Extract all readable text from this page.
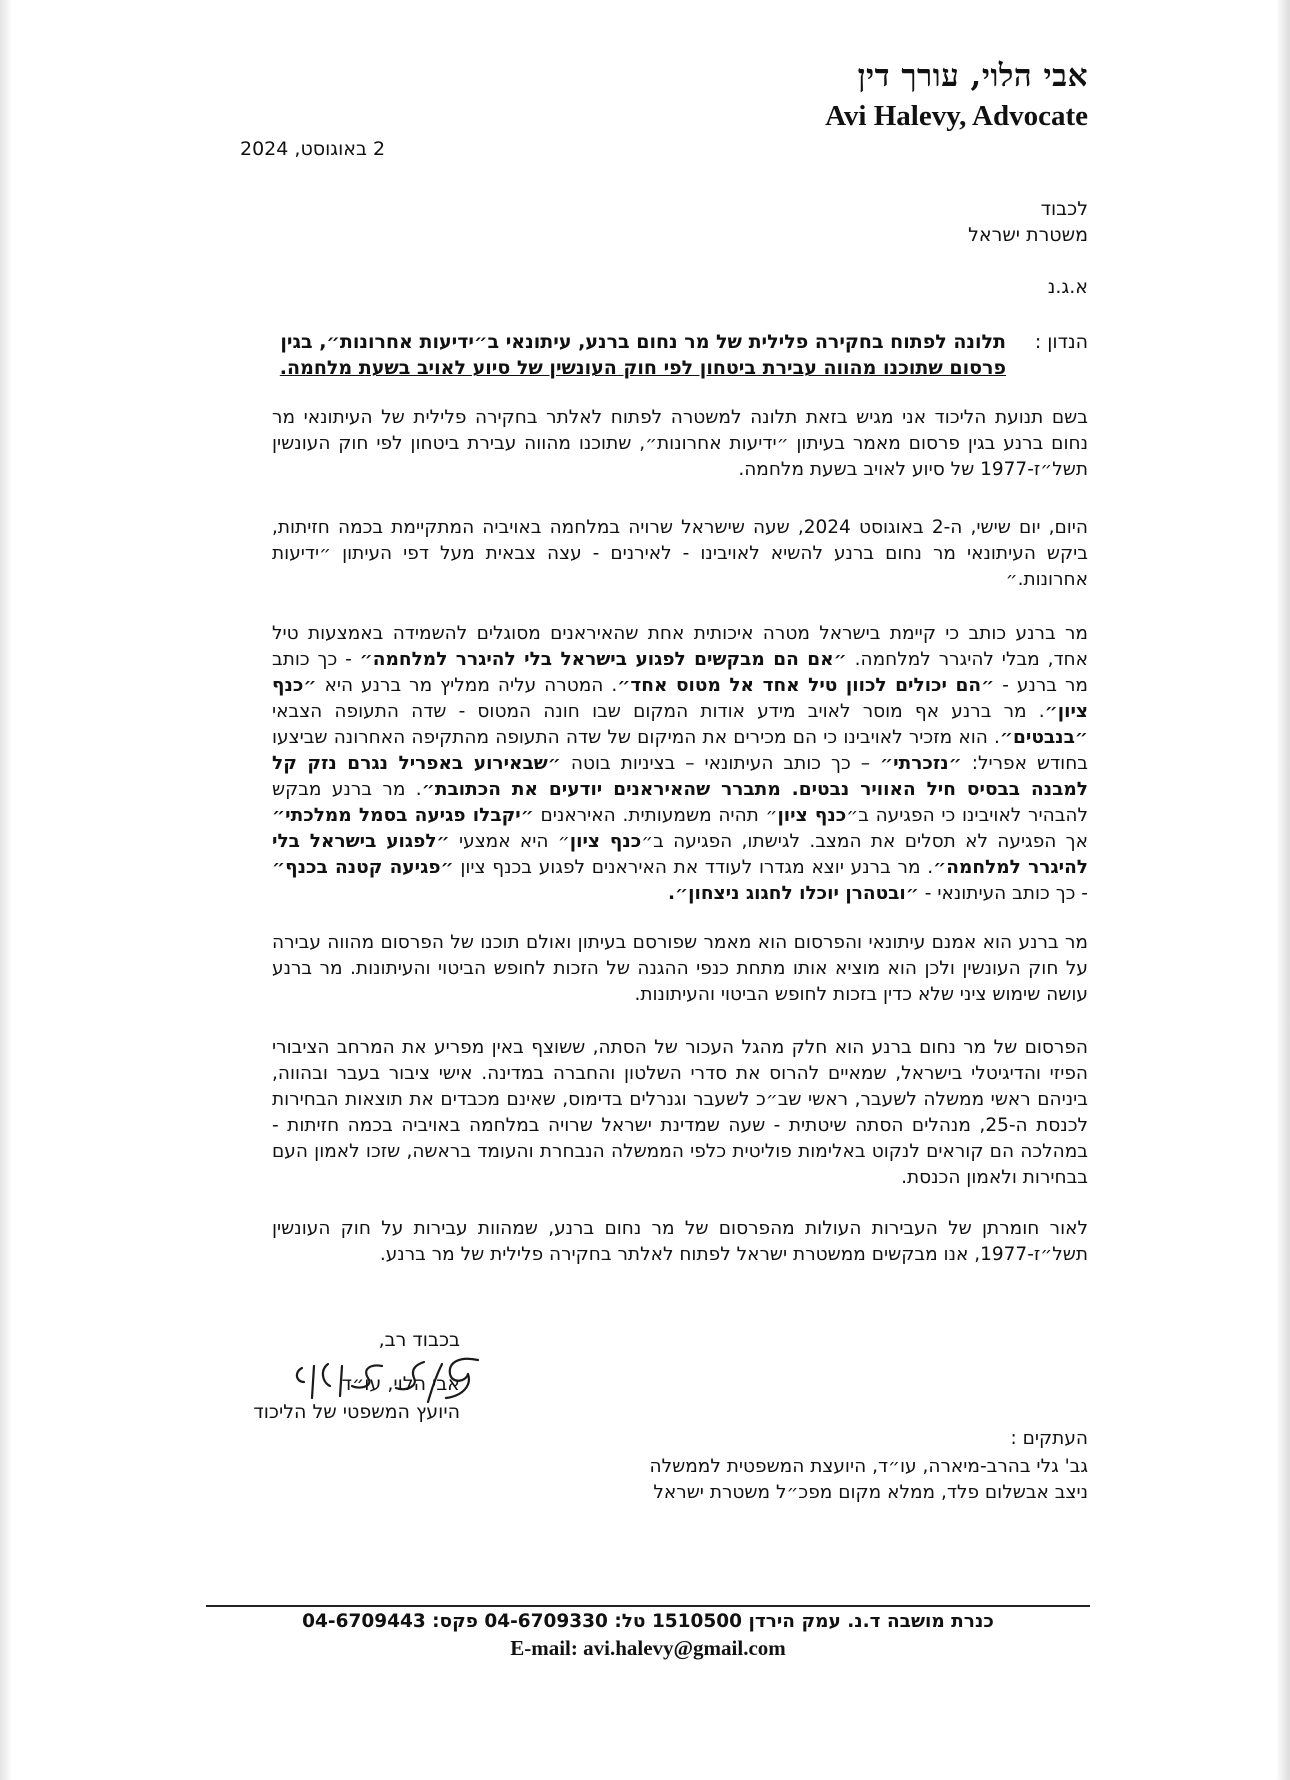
אבי הלוי, עורך דין
Avi Halevy, Advocate
2 באוגוסט, 2024
לכבוד
משטרת ישראל
א.ג.נ
הנדון :
תלונה לפתוח בחקירה פלילית של מר נחום ברנע, עיתונאי ב״ידיעות אחרונות״, בגין
פרסום שתוכנו מהווה עבירת ביטחון לפי חוק העונשין של סיוע לאויב בשעת מלחמה.
בשם תנועת הליכוד אני מגיש בזאת תלונה למשטרה לפתוח לאלתר בחקירה פלילית של העיתונאי מר נחום ברנע בגין פרסום מאמר בעיתון ״ידיעות אחרונות״, שתוכנו מהווה עבירת ביטחון לפי חוק העונשין תשל״ז-1977 של סיוע לאויב בשעת מלחמה.
היום, יום שישי, ה-2 באוגוסט 2024, שעה שישראל שרויה במלחמה באויביה המתקיימת בכמה חזיתות, ביקש העיתונאי מר נחום ברנע להשיא לאויבינו - לאירנים - עצה צבאית מעל דפי העיתון ״ידיעות אחרונות.״
מר ברנע כותב כי קיימת בישראל מטרה איכותית אחת שהאיראנים מסוגלים להשמידה באמצעות טיל אחד, מבלי להיגרר למלחמה. ״אם הם מבקשים לפגוע בישראל בלי להיגרר למלחמה״ - כך כותב מר ברנע - ״הם יכולים לכוון טיל אחד אל מטוס אחד״. המטרה עליה ממליץ מר ברנע היא ״כנף ציון״. מר ברנע אף מוסר לאויב מידע אודות המקום שבו חונה המטוס - שדה התעופה הצבאי ״בנבטים״. הוא מזכיר לאויבינו כי הם מכירים את המיקום של שדה התעופה מהתקיפה האחרונה שביצעו בחודש אפריל: ״נזכרתי״ – כך כותב העיתונאי – בציניות בוטה ״שבאירוע באפריל נגרם נזק קל למבנה בבסיס חיל האוויר נבטים. מתברר שהאיראנים יודעים את הכתובת״. מר ברנע מבקש להבהיר לאויבינו כי הפגיעה ב״כנף ציון״ תהיה משמעותית. האיראנים ״יקבלו פגיעה בסמל ממלכתי״ אך הפגיעה לא תסלים את המצב. לגישתו, הפגיעה ב״כנף ציון״ היא אמצעי ״לפגוע בישראל בלי להיגרר למלחמה״. מר ברנע יוצא מגדרו לעודד את האיראנים לפגוע בכנף ציון ״פגיעה קטנה בכנף״ - כך כותב העיתונאי - ״ובטהרן יוכלו לחגוג ניצחון״.
מר ברנע הוא אמנם עיתונאי והפרסום הוא מאמר שפורסם בעיתון ואולם תוכנו של הפרסום מהווה עבירה על חוק העונשין ולכן הוא מוציא אותו מתחת כנפי ההגנה של הזכות לחופש הביטוי והעיתונות. מר ברנע עושה שימוש ציני שלא כדין בזכות לחופש הביטוי והעיתונות.
הפרסום של מר נחום ברנע הוא חלק מהגל העכור של הסתה, ששוצף באין מפריע את המרחב הציבורי הפיזי והדיגיטלי בישראל, שמאיים להרוס את סדרי השלטון והחברה במדינה. אישי ציבור בעבר ובהווה, ביניהם ראשי ממשלה לשעבר, ראשי שב״כ לשעבר וגנרלים בדימוס, שאינם מכבדים את תוצאות הבחירות לכנסת ה-25, מנהלים הסתה שיטתית - שעה שמדינת ישראל שרויה במלחמה באויביה בכמה חזיתות - במהלכה הם קוראים לנקוט באלימות פוליטית כלפי הממשלה הנבחרת והעומד בראשה, שזכו לאמון העם בבחירות ולאמון הכנסת.
לאור חומרתן של העבירות העולות מהפרסום של מר נחום ברנע, שמהוות עבירות על חוק העונשין תשל״ז-1977, אנו מבקשים ממשטרת ישראל לפתוח לאלתר בחקירה פלילית של מר ברנע.
בכבוד רב,
אבי הלוי, עו״ד
היועץ המשפטי של הליכוד
העתקים :
גב' גלי בהרב-מיארה, עו״ד, היועצת המשפטית לממשלה
ניצב אבשלום פלד, ממלא מקום מפכ״ל משטרת ישראל
כנרת מושבה ד.נ. עמק הירדן 1510500 טל: 04-6709330 פקס: 04-6709443
E-mail: avi.halevy@gmail.com
